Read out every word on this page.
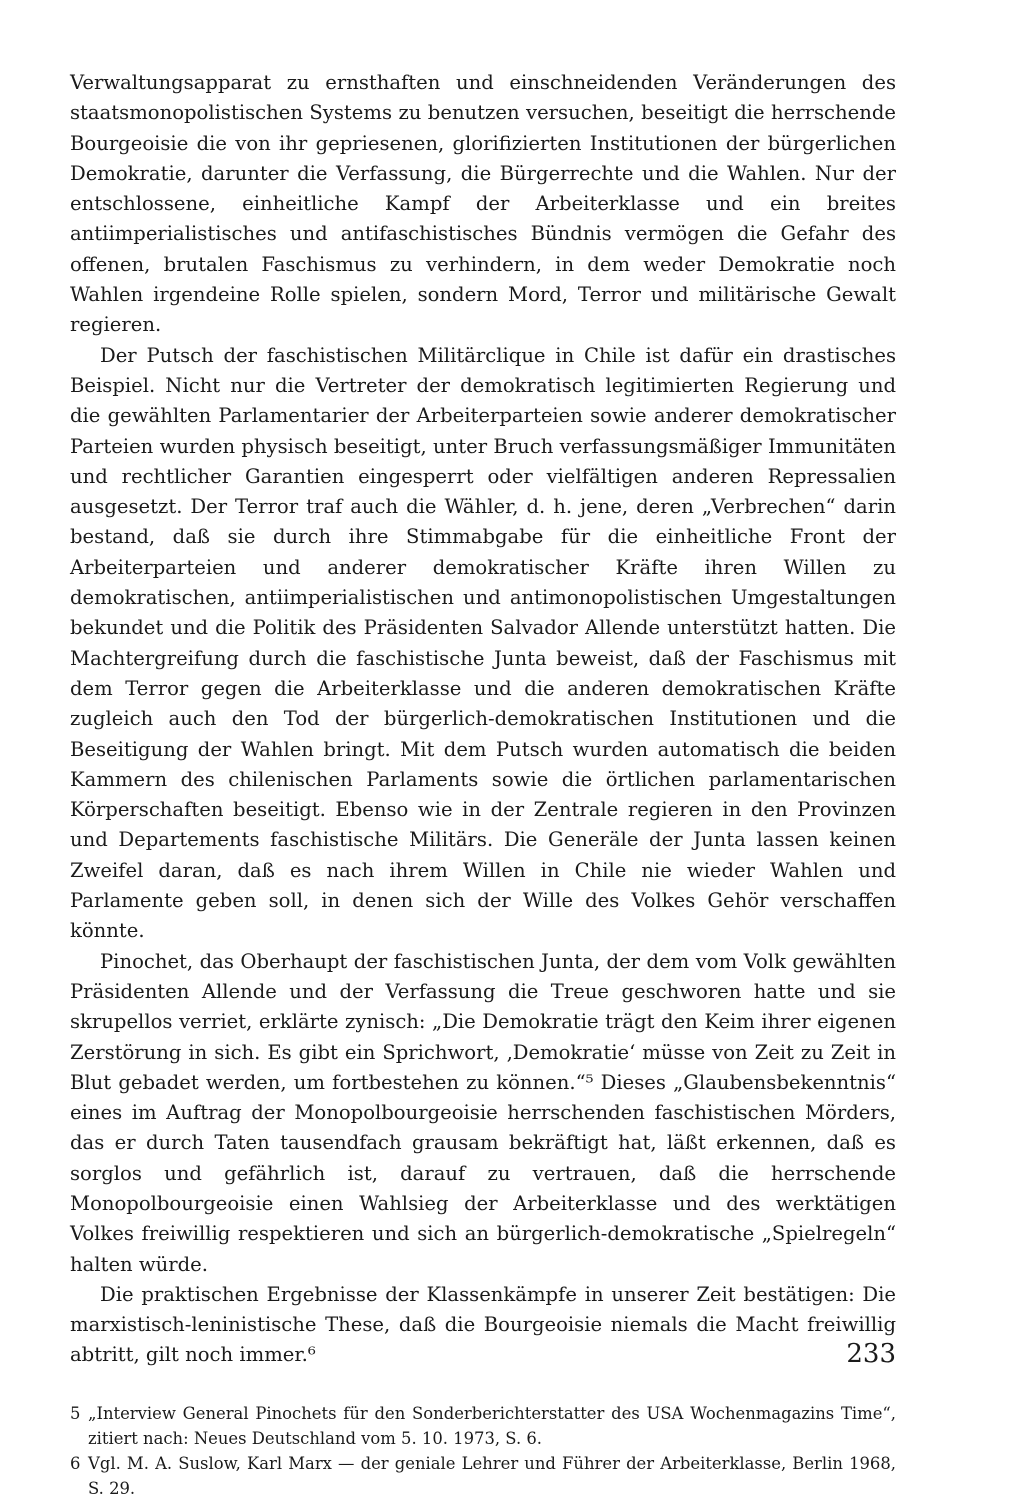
Verwaltungsapparat zu ernsthaften und einschneidenden Veränderungen des staatsmonopolistischen Systems zu benutzen versuchen, beseitigt die herrschende Bourgeoisie die von ihr gepriesenen, glorifizierten Institutionen der bürgerlichen Demokratie, darunter die Verfassung, die Bürgerrechte und die Wahlen. Nur der entschlossene, einheitliche Kampf der Arbeiterklasse und ein breites antiimperialistisches und antifaschistisches Bündnis vermögen die Gefahr des offenen, brutalen Faschismus zu verhindern, in dem weder Demokratie noch Wahlen irgendeine Rolle spielen, sondern Mord, Terror und militärische Gewalt regieren.

Der Putsch der faschistischen Militärclique in Chile ist dafür ein drastisches Beispiel. Nicht nur die Vertreter der demokratisch legitimierten Regierung und die gewählten Parlamentarier der Arbeiterparteien sowie anderer demokratischer Parteien wurden physisch beseitigt, unter Bruch verfassungsmäßiger Immunitäten und rechtlicher Garantien eingesperrt oder vielfältigen anderen Repressalien ausgesetzt. Der Terror traf auch die Wähler, d. h. jene, deren „Verbrechen“ darin bestand, daß sie durch ihre Stimmabgabe für die einheitliche Front der Arbeiterparteien und anderer demokratischer Kräfte ihren Willen zu demokratischen, antiimperialistischen und antimonopolistischen Umgestaltungen bekundet und die Politik des Präsidenten Salvador Allende unterstützt hatten. Die Machtergreifung durch die faschistische Junta beweist, daß der Faschismus mit dem Terror gegen die Arbeiterklasse und die anderen demokratischen Kräfte zugleich auch den Tod der bürgerlich-demokratischen Institutionen und die Beseitigung der Wahlen bringt. Mit dem Putsch wurden automatisch die beiden Kammern des chilenischen Parlaments sowie die örtlichen parlamentarischen Körperschaften beseitigt. Ebenso wie in der Zentrale regieren in den Provinzen und Departements faschistische Militärs. Die Generäle der Junta lassen keinen Zweifel daran, daß es nach ihrem Willen in Chile nie wieder Wahlen und Parlamente geben soll, in denen sich der Wille des Volkes Gehör verschaffen könnte.

Pinochet, das Oberhaupt der faschistischen Junta, der dem vom Volk gewählten Präsidenten Allende und der Verfassung die Treue geschworen hatte und sie skrupellos verriet, erklärte zynisch: „Die Demokratie trägt den Keim ihrer eigenen Zerstörung in sich. Es gibt ein Sprichwort, ‚Demokratie‘ müsse von Zeit zu Zeit in Blut gebadet werden, um fortbestehen zu können.“⁵ Dieses „Glaubensbekenntnis“ eines im Auftrag der Monopolbourgeoisie herrschenden faschistischen Mörders, das er durch Taten tausendfach grausam bekräftigt hat, läßt erkennen, daß es sorglos und gefährlich ist, darauf zu vertrauen, daß die herrschende Monopolbourgeoisie einen Wahlsieg der Arbeiterklasse und des werktätigen Volkes freiwillig respektieren und sich an bürgerlich-demokratische „Spielregeln“ halten würde.

Die praktischen Ergebnisse der Klassenkämpfe in unserer Zeit bestätigen: Die marxistisch-leninistische These, daß die Bourgeoisie niemals die Macht freiwillig abtritt, gilt noch immer.⁶

5 „Interview General Pinochets für den Sonderberichterstatter des USA Wochenmagazins Time“, zitiert nach: Neues Deutschland vom 5. 10. 1973, S. 6.
6 Vgl. M. A. Suslow, Karl Marx — der geniale Lehrer und Führer der Arbeiterklasse, Berlin 1968, S. 29.
233
